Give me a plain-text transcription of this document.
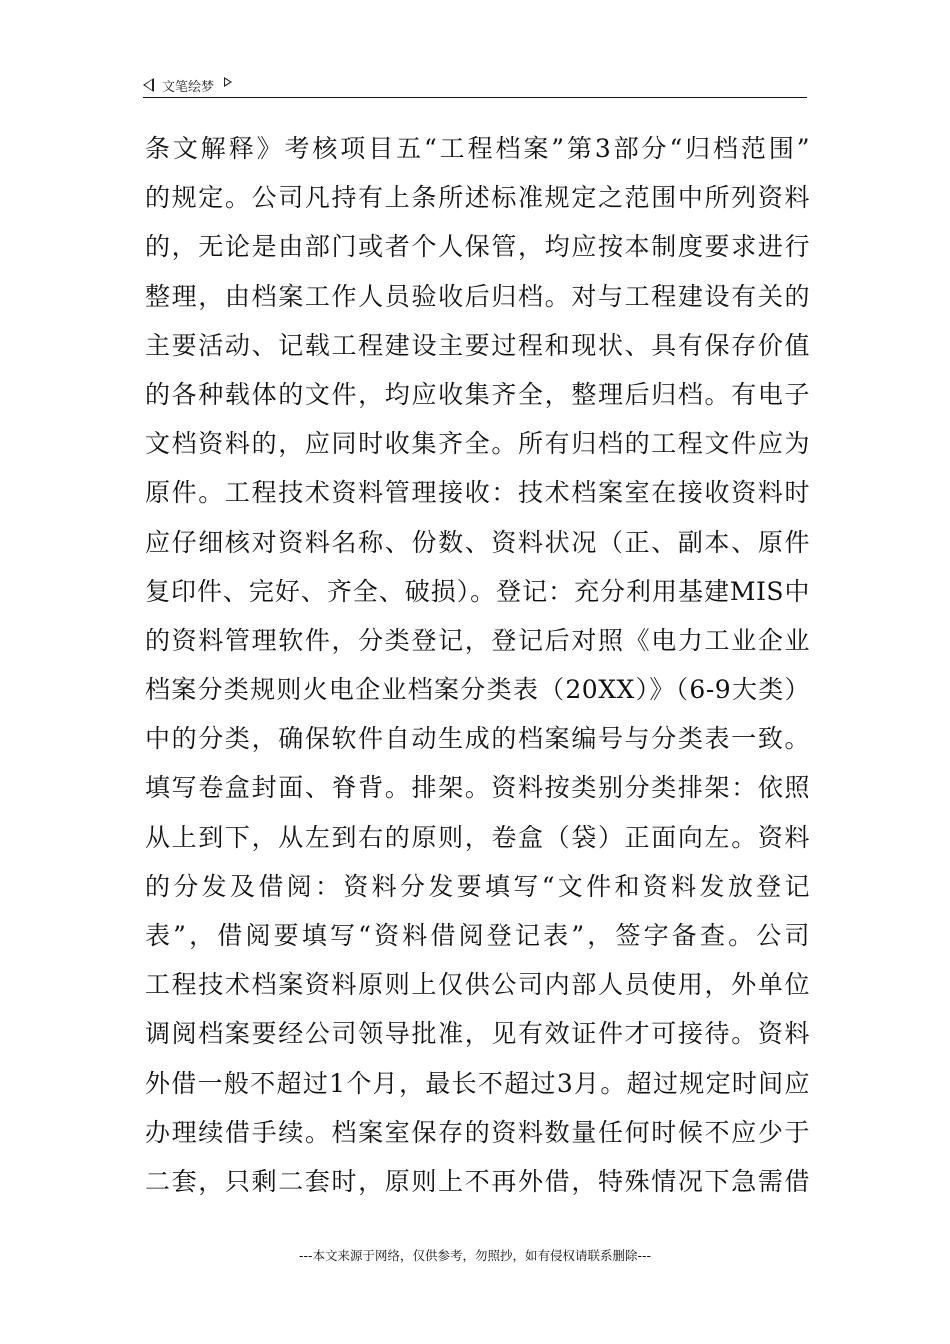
文笔绘梦
条文解释》考核项目五“工程档案”第3部分“归档范围”
的规定。公司凡持有上条所述标准规定之范围中所列资料
的，无论是由部门或者个人保管，均应按本制度要求进行
整理，由档案工作人员验收后归档。对与工程建设有关的
主要活动、记载工程建设主要过程和现状、具有保存价值
的各种载体的文件，均应收集齐全，整理后归档。有电子
文档资料的，应同时收集齐全。所有归档的工程文件应为
原件。工程技术资料管理接收：技术档案室在接收资料时
应仔细核对资料名称、份数、资料状况（正、副本、原件
复印件、完好、齐全、破损）。登记：充分利用基建MIS中
的资料管理软件，分类登记，登记后对照《电力工业企业
档案分类规则火电企业档案分类表（20XX）》（6-9大类）
中的分类，确保软件自动生成的档案编号与分类表一致。
填写卷盒封面、脊背。排架。资料按类别分类排架：依照
从上到下，从左到右的原则，卷盒（袋）正面向左。资料
的分发及借阅：资料分发要填写“文件和资料发放登记
表”，借阅要填写“资料借阅登记表”，签字备查。公司
工程技术档案资料原则上仅供公司内部人员使用，外单位
调阅档案要经公司领导批准，见有效证件才可接待。资料
外借一般不超过1个月，最长不超过3月。超过规定时间应
办理续借手续。档案室保存的资料数量任何时候不应少于
二套，只剩二套时，原则上不再外借，特殊情况下急需借
---本文来源于网络，仅供参考，勿照抄，如有侵权请联系删除---
